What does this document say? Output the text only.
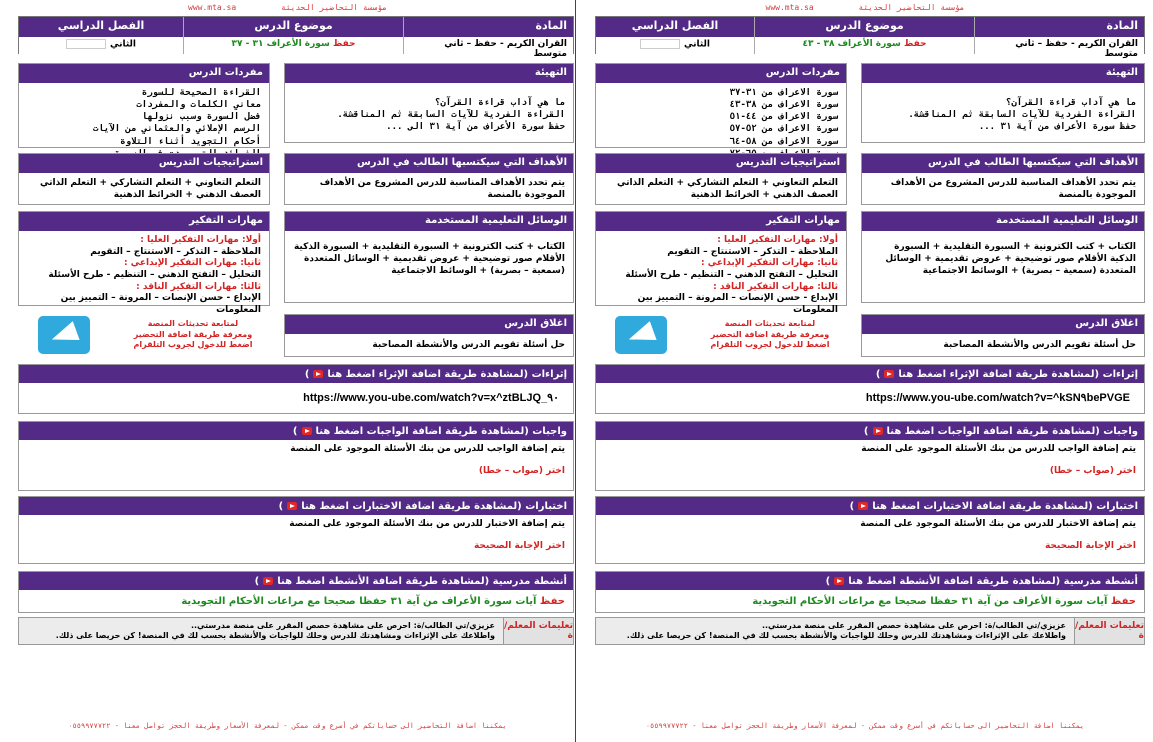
www.mta.sa	مؤسسة التحاضير الحديثة
المادة
موضوع الدرس
الفصل الدراسي
القران الكريم - حفظ – ثاني متوسط
حفظ سورة الأعراف ٣١ - ٣٧
الثاني
التهيئة
ما هي آداب قراءة القرآن؟
القراءة الفردية للآيات السابقة ثم المناقشة.
حفظ سورة الأعراف من آية ٣١ الى ...
مفردات الدرس
القراءة الصحيحة للسورة
معاني الكلمات والمفردات
فضل السورة وسبب نزولها
الرسم الإملائي والعثماني من الآيات
أحكام التجويد أثناء التلاوة
الأهداف التي سيكتسبها الطالب في الدرس
يتم تحدد الأهداف المناسبة للدرس المشروع من الأهداف الموجودة بالمنصة
استراتيجيات التدريس
التعلم التعاوني + التعلم التشاركي + التعلم الذاتي العصف الذهني + الخرائط الذهنية
الوسائل التعليمية المستخدمة
الكتاب + كتب الكترونية + السبورة التقليدية + السبورة الذكية الأقلام صور توضيحية + عروض تقديمية + الوسائل المتعددة (سمعية – بصرية) + الوسائط الاجتماعية
مهارات التفكير
أولا: مهارات التفكير العليا :
الملاحظة – التذكر – الاستنتاج – التقويم
ثانيا: مهارات التفكير الإبداعي :
التحليل – التفتح الذهني – التنظيم - طرح الأسئلة
ثالثا: مهارات التفكير الناقد :
الإبداع - حسن الإنصات – المرونة – التمييز بين المعلومات
اغلاق الدرس
حل أسئلة تقويم الدرس والأنشطة المصاحبة
لمتابعة تحديثات المنصة
ومعرفة طريقة اضافة التحضير
اضغط للدخول لجروب التلقرام
إثراءات (لمشاهدة طريقة اضافة الإثراء اضغط هنا
)
https://www.you-ube.com/watch?v=x^ztBLJQ_٩٠
واجبات (لمشاهدة طريقة اضافة الواجبات اضغط هنا
)
يتم إضافة الواجب للدرس من بنك الأسئلة الموجود على المنصة
اختر (صواب – خطا)
اختبارات (لمشاهدة طريقة اضافة الاختبارات اضغط هنا
)
يتم إضافة الاختبار للدرس من بنك الأسئلة الموجود على المنصة
اختر الإجابة الصحيحة
أنشطة مدرسية (لمشاهدة طريقة اضافة الأنشطة اضغط هنا
)
حفظ آيات سورة الأعراف من آية ٣١ حفظا صحيحا مع مراعات الأحكام التجويدية
تعليمات المعلم/ة
عزيزي/تي الطالب/ة: احرص على مشاهدة حصص المقرر على منصة مدرستي..
واطلاعك على الإثراءات ومشاهدتك للدرس وحلك للواجبات والأنشطة بحسب لك في المنصة! كن حريصا على ذلك.
يمكننا اضافة التحاضير الى حساباتكم في أسرع وقت ممكن - لمعرفة الأسعار وطريقة الحجز تواصل معنا - ٠٥٥٩٩٧٧٧٢٢
www.mta.sa	مؤسسة التحاضير الحديثة
المادة
موضوع الدرس
الفصل الدراسي
القران الكريم - حفظ – ثاني متوسط
حفظ سورة الأعراف ٣٨ - ٤٣
الثاني
التهيئة
ما هي آداب قراءة القرآن؟
القراءة الفردية للآيات السابقة ثم المناقشة.
حفظ سورة الأعراف من آية ٣١ ...
مفردات الدرس
سورة الاعراف من ٣١-٣٧
سورة الاعراف من ٣٨-٤٣
سورة الاعراف من ٤٤-٥١
سورة الاعراف من ٥٢-٥٧
سورة الاعراف من ٥٨-٦٤
الأهداف التي سيكتسبها الطالب في الدرس
يتم تحدد الأهداف المناسبة للدرس المشروع من الأهداف الموجودة بالمنصة
استراتيجيات التدريس
التعلم التعاوني + التعلم التشاركي + التعلم الذاتي العصف الذهني + الخرائط الذهنية
الوسائل التعليمية المستخدمة
الكتاب + كتب الكترونية + السبورة التقليدية + السبورة الذكية الأقلام صور توضيحية + عروض تقديمية + الوسائل المتعددة (سمعية – بصرية) + الوسائط الاجتماعية
مهارات التفكير
أولا: مهارات التفكير العليا :
الملاحظة – التذكر – الاستنتاج – التقويم
ثانيا: مهارات التفكير الإبداعي :
التحليل – التفتح الذهني – التنظيم - طرح الأسئلة
ثالثا: مهارات التفكير الناقد :
الإبداع - حسن الإنصات – المرونة – التمييز بين المعلومات
اغلاق الدرس
حل أسئلة تقويم الدرس والأنشطة المصاحبة
لمتابعة تحديثات المنصة
ومعرفة طريقة اضافة التحضير
اضغط للدخول لجروب التلقرام
إثراءات (لمشاهدة طريقة اضافة الإثراء اضغط هنا
)
https://www.you-ube.com/watch?v=^kSN٩bePVGE
واجبات (لمشاهدة طريقة اضافة الواجبات اضغط هنا
)
يتم إضافة الواجب للدرس من بنك الأسئلة الموجود على المنصة
اختر (صواب – خطا)
اختبارات (لمشاهدة طريقة اضافة الاختبارات اضغط هنا
)
يتم إضافة الاختبار للدرس من بنك الأسئلة الموجود على المنصة
اختر الإجابة الصحيحة
أنشطة مدرسية (لمشاهدة طريقة اضافة الأنشطة اضغط هنا
)
حفظ آيات سورة الأعراف من آية ٣١ حفظا صحيحا مع مراعات الأحكام التجويدية
تعليمات المعلم/ة
عزيزي/تي الطالب/ة: احرص على مشاهدة حصص المقرر على منصة مدرستي..
واطلاعك على الإثراءات ومشاهدتك للدرس وحلك للواجبات والأنشطة بحسب لك في المنصة! كن حريصا على ذلك.
يمكننا اضافة التحاضير الى حساباتكم في أسرع وقت ممكن - لمعرفة الأسعار وطريقة الحجز تواصل معنا - ٠٥٥٩٩٧٧٧٢٢
